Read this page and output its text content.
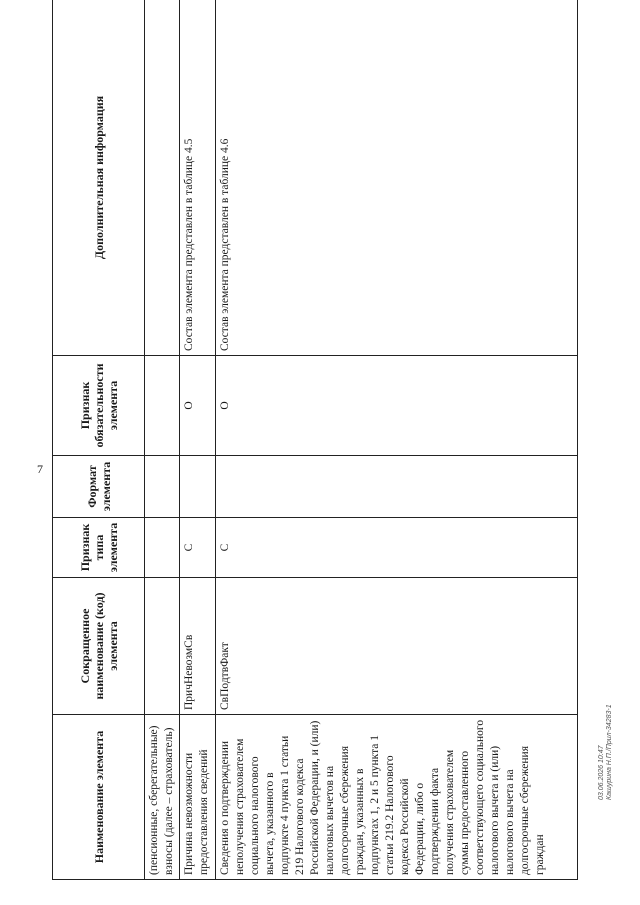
7
Наименование элемента	Сокращенное наименование (код) элемента	Признак типа элемента	Формат элемента	Признак обязательности элемента	Дополнительная информация
(пенсионные, сберегательные) взносы (далее – страхователь)					
Причина невозможности предоставления сведений	ПричНевозмСв	С		О	Состав элемента представлен в таблице 4.5
Сведения о подтверждении неполучения страхователем социального налогового вычета, указанного в подпункте 4 пункта 1 статьи 219 Налогового кодекса Российской Федерации, и (или) налоговых вычетов на долгосрочные сбережения граждан, указанных в подпунктах 1, 2 и 5 пункта 1 статьи 219.2 Налогового кодекса Российской Федерации, либо о подтверждении факта получения страхователем суммы предоставленного соответствующего социального налогового вычета и (или) налогового вычета на долгосрочные сбережения граждан	СвПодтвФакт	С		О	Состав элемента представлен в таблице 4.6
03.06.2026 10:47 Кашурина Н.П./Прил-34283-1
